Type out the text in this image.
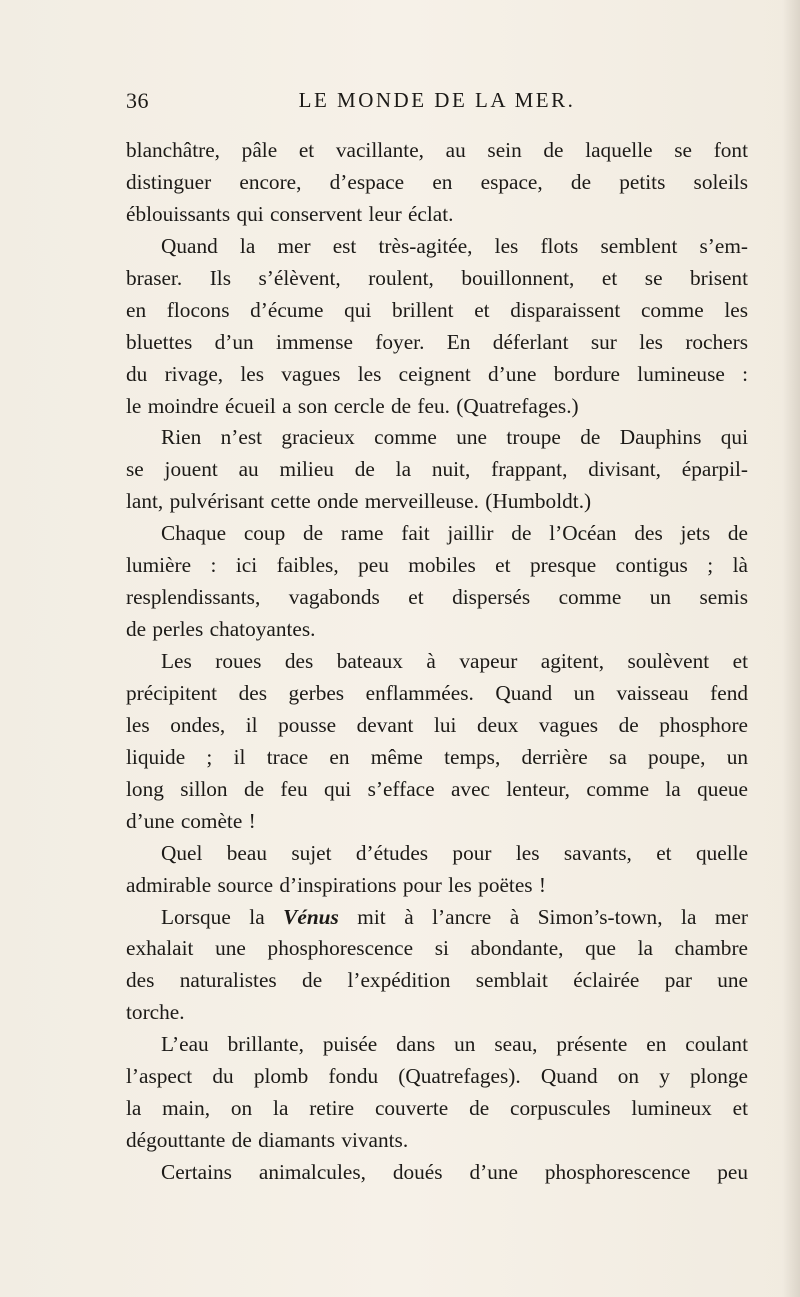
36	LE MONDE DE LA MER.
blanchâtre, pâle et vacillante, au sein de laquelle se font
distinguer encore, d’espace en espace, de petits soleils
éblouissants qui conservent leur éclat.
Quand la mer est très-agitée, les flots semblent s’em-
braser. Ils s’élèvent, roulent, bouillonnent, et se brisent
en flocons d’écume qui brillent et disparaissent comme les
bluettes d’un immense foyer. En déferlant sur les rochers
du rivage, les vagues les ceignent d’une bordure lumineuse :
le moindre écueil a son cercle de feu. (Quatrefages.)
Rien n’est gracieux comme une troupe de Dauphins qui
se jouent au milieu de la nuit, frappant, divisant, éparpil-
lant, pulvérisant cette onde merveilleuse. (Humboldt.)
Chaque coup de rame fait jaillir de l’Océan des jets de
lumière : ici faibles, peu mobiles et presque contigus ; là
resplendissants, vagabonds et dispersés comme un semis
de perles chatoyantes.
Les roues des bateaux à vapeur agitent, soulèvent et
précipitent des gerbes enflammées. Quand un vaisseau fend
les ondes, il pousse devant lui deux vagues de phosphore
liquide ; il trace en même temps, derrière sa poupe, un
long sillon de feu qui s’efface avec lenteur, comme la queue
d’une comète !
Quel beau sujet d’études pour les savants, et quelle
admirable source d’inspirations pour les poëtes !
Lorsque la Vénus mit à l’ancre à Simon’s-town, la mer
exhalait une phosphorescence si abondante, que la chambre
des naturalistes de l’expédition semblait éclairée par une
torche.
L’eau brillante, puisée dans un seau, présente en coulant
l’aspect du plomb fondu (Quatrefages). Quand on y plonge
la main, on la retire couverte de corpuscules lumineux et
dégouttante de diamants vivants.
Certains animalcules, doués d’une phosphorescence peu
